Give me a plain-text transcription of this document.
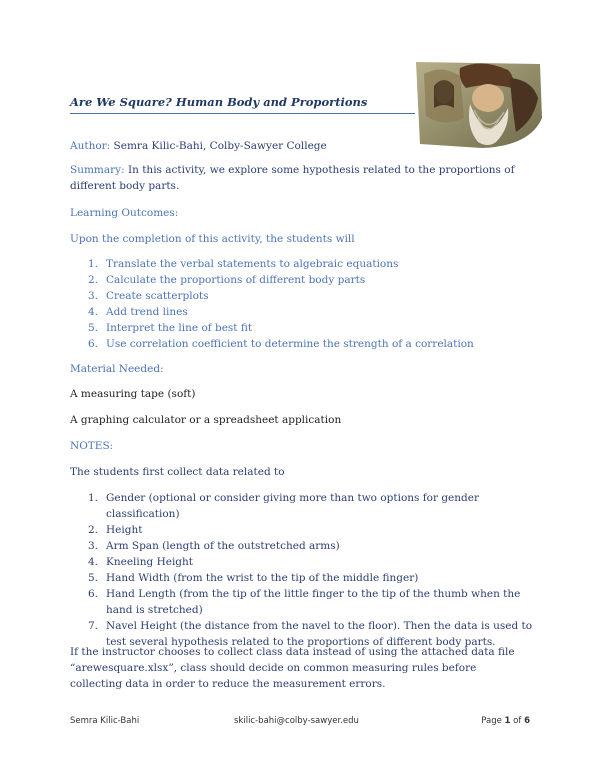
Are We Square? Human Body and Proportions
Author: Semra Kilic-Bahi, Colby-Sawyer College
Summary: In this activity, we explore some hypothesis related to the proportions of different body parts.
Learning Outcomes:
Upon the completion of this activity, the students will
1. Translate the verbal statements to algebraic equations
2. Calculate the proportions of different body parts
3. Create scatterplots
4. Add trend lines
5. Interpret the line of best fit
6. Use correlation coefficient to determine the strength of a correlation
Material Needed:
A measuring tape (soft)
A graphing calculator or a spreadsheet application
NOTES:
The students first collect data related to
1. Gender (optional or consider giving more than two options for gender classification)
2. Height
3. Arm Span (length of the outstretched arms)
4. Kneeling Height
5. Hand Width (from the wrist to the tip of the middle finger)
6. Hand Length (from the tip of the little finger to the tip of the thumb when the hand is stretched)
7. Navel Height (the distance from the navel to the floor). Then the data is used to test several hypothesis related to the proportions of different body parts.
If the instructor chooses to collect class data instead of using the attached data file “arewesquare.xlsx”, class should decide on common measuring rules before collecting data in order to reduce the measurement errors.
Semra Kilic-Bahi	skilic-bahi@colby-sawyer.edu	Page 1 of 6
